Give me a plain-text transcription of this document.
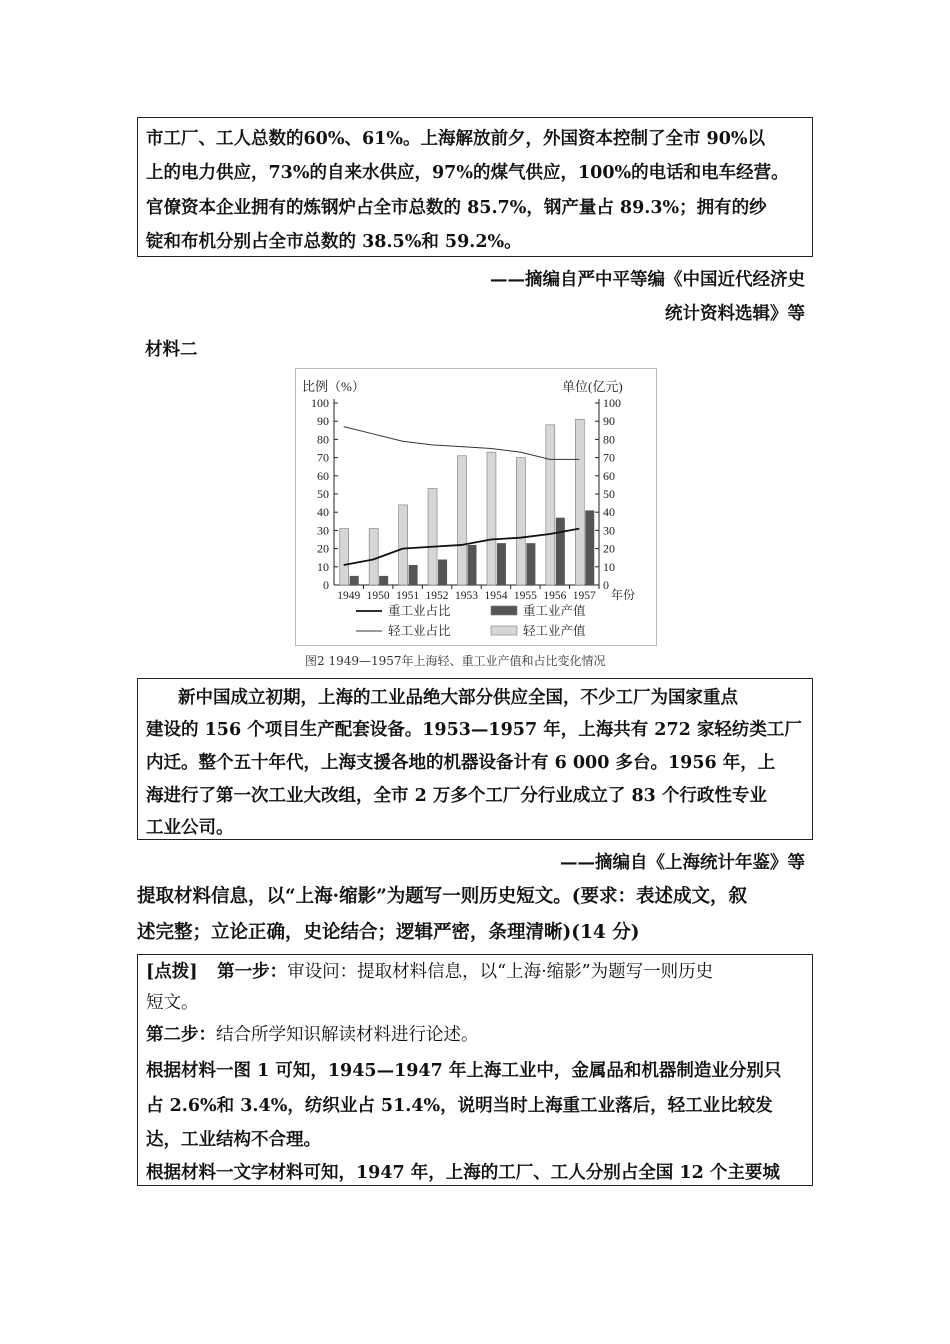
市工厂、工人总数的60%、61%。上海解放前夕，外国资本控制了全市 90%以
上的电力供应，73%的自来水供应，97%的煤气供应，100%的电话和电车经营。
官僚资本企业拥有的炼钢炉占全市总数的 85.7%，钢产量占 89.3%；拥有的纱
锭和布机分别占全市总数的 38.5%和 59.2%。
——摘编自严中平等编《中国近代经济史
统计资料选辑》等
材料二
比例（%）	单位(亿元)
0	0
10	10
20	20
30	30
40	40
50	50
60	60
70	70
80	80
90	90
100	100
1949 1950 1951 1952 1953 1954 1955 1956 1957 年份
重工业占比	重工业产值
轻工业占比	轻工业产值
图2 1949—1957年上海轻、重工业产值和占比变化情况
新中国成立初期，上海的工业品绝大部分供应全国，不少工厂为国家重点
建设的 156 个项目生产配套设备。1953—1957 年，上海共有 272 家轻纺类工厂
内迁。整个五十年代，上海支援各地的机器设备计有 6 000 多台。1956 年，上
海进行了第一次工业大改组，全市 2 万多个工厂分行业成立了 83 个行政性专业
工业公司。
——摘编自《上海统计年鉴》等
提取材料信息，以“上海·缩影”为题写一则历史短文。(要求：表述成文，叙
述完整；立论正确，史论结合；逻辑严密，条理清晰)(14 分)
[点拨] 第一步：审设问：提取材料信息，以“上海·缩影”为题写一则历史
短文。
第二步：结合所学知识解读材料进行论述。
根据材料一图 1 可知，1945—1947 年上海工业中，金属品和机器制造业分别只
占 2.6%和 3.4%，纺织业占 51.4%，说明当时上海重工业落后，轻工业比较发
达，工业结构不合理。
根据材料一文字材料可知，1947 年，上海的工厂、工人分别占全国 12 个主要城
